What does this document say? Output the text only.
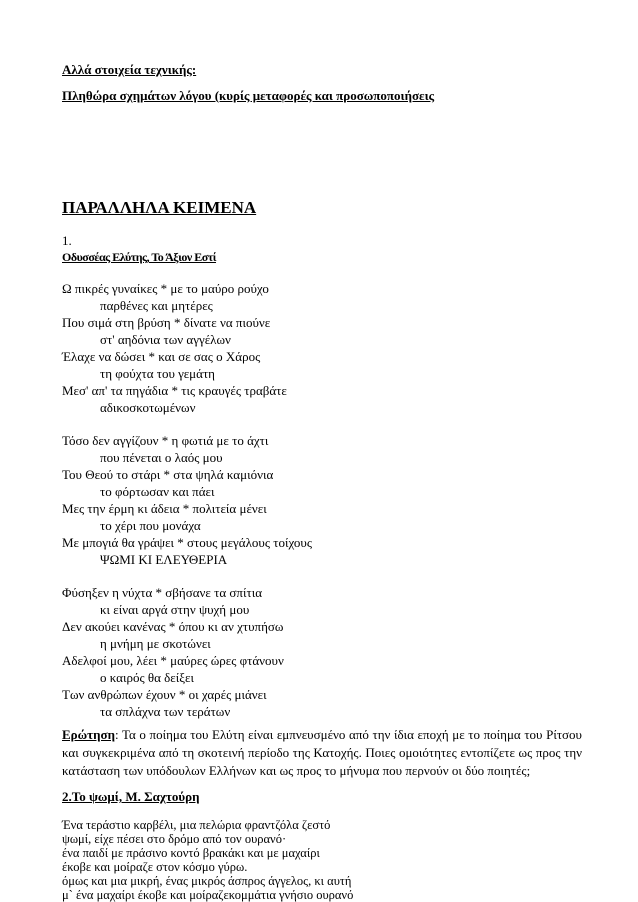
Αλλά στοιχεία τεχνικής:
Πληθώρα σχημάτων λόγου (κυρίς μεταφορές και προσωποποιήσεις
ΠΑΡΑΛΛΗΛΑ ΚΕΙΜΕΝΑ
1.
Οδυσσέας Ελύτης, Το Άξιον Εστί
Ω πικρές γυναίκες * με το μαύρο ρούχο
παρθένες και μητέρες
Που σιμά στη βρύση * δίνατε να πιούνε
στ' αηδόνια των αγγέλων
Έλαχε να δώσει * και σε σας ο Χάρος
τη φούχτα του γεμάτη
Μεσ' απ' τα πηγάδια * τις κραυγές τραβάτε
αδικοσκοτωμένων
Τόσο δεν αγγίζουν * η φωτιά με το άχτι
που πένεται ο λαός μου
Του Θεού το στάρι * στα ψηλά καμιόνια
το φόρτωσαν και πάει
Μες την έρμη κι άδεια * πολιτεία μένει
το χέρι που μονάχα
Με μπογιά θα γράψει * στους μεγάλους τοίχους
ΨΩΜΙ ΚΙ ΕΛΕΥΘΕΡΙΑ
Φύσηξεν η νύχτα * σβήσανε τα σπίτια
κι είναι αργά στην ψυχή μου
Δεν ακούει κανένας * όπου κι αν χτυπήσω
η μνήμη με σκοτώνει
Αδελφοί μου, λέει * μαύρες ώρες φτάνουν
ο καιρός θα δείξει
Των ανθρώπων έχουν * οι χαρές μιάνει
τα σπλάχνα των τεράτων
Ερώτηση: Τα ο ποίημα του Ελύτη είναι εμπνευσμένο από την ίδια εποχή με το ποίημα του Ρίτσου και συγκεκριμένα από τη σκοτεινή περίοδο της Κατοχής. Ποιες ομοιότητες εντοπίζετε ως προς την κατάσταση των υπόδουλων Ελλήνων και ως προς το μήνυμα που περνούν οι δύο ποιητές;
2.Το ψωμί, Μ. Σαχτούρη
Ένα τεράστιο καρβέλι, μια πελώρια φραντζόλα ζεστό
ψωμί, είχε πέσει στο δρόμο από τον ουρανό·
ένα παιδί με πράσινο κοντό βρακάκι και με μαχαίρι
έκοβε και μοίραζε στον κόσμο γύρω.
όμως και μια μικρή, ένας μικρός άσπρος άγγελος, κι αυτή
μ` ένα μαχαίρι έκοβε και μοίραζεκομμάτια γνήσιο ουρανό
